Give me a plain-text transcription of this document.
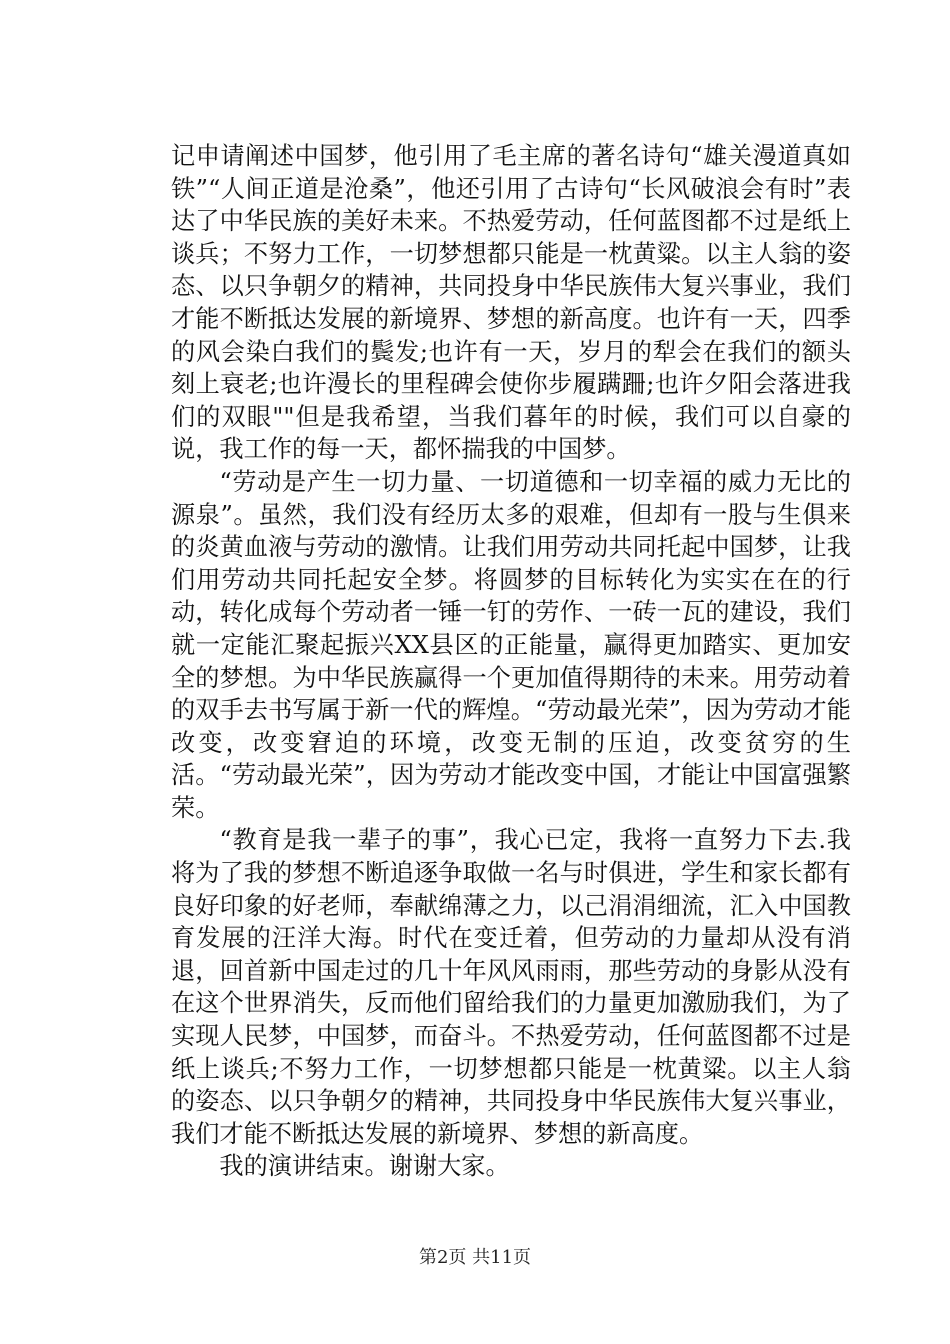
记申请阐述中国梦，他引用了毛主席的著名诗句“雄关漫道真如铁”“人间正道是沧桑”，他还引用了古诗句“长风破浪会有时”表达了中华民族的美好未来。不热爱劳动，任何蓝图都不过是纸上谈兵；不努力工作，一切梦想都只能是一枕黄粱。以主人翁的姿态、以只争朝夕的精神，共同投身中华民族伟大复兴事业，我们才能不断抵达发展的新境界、梦想的新高度。也许有一天，四季的风会染白我们的鬓发;也许有一天，岁月的犁会在我们的额头刻上衰老;也许漫长的里程碑会使你步履蹒跚;也许夕阳会落进我们的双眼""但是我希望，当我们暮年的时候，我们可以自豪的说，我工作的每一天，都怀揣我的中国梦。

“劳动是产生一切力量、一切道德和一切幸福的威力无比的源泉”。虽然，我们没有经历太多的艰难，但却有一股与生俱来的炎黄血液与劳动的激情。让我们用劳动共同托起中国梦，让我们用劳动共同托起安全梦。将圆梦的目标转化为实实在在的行动，转化成每个劳动者一锤一钉的劳作、一砖一瓦的建设，我们就一定能汇聚起振兴XX县区的正能量，赢得更加踏实、更加安全的梦想。为中华民族赢得一个更加值得期待的未来。用劳动着的双手去书写属于新一代的辉煌。“劳动最光荣”，因为劳动才能改变，改变窘迫的环境，改变无制的压迫，改变贫穷的生活。“劳动最光荣”，因为劳动才能改变中国，才能让中国富强繁荣。

“教育是我一辈子的事”，我心已定，我将一直努力下去.我将为了我的梦想不断追逐争取做一名与时俱进，学生和家长都有良好印象的好老师，奉献绵薄之力，以己涓涓细流，汇入中国教育发展的汪洋大海。时代在变迁着，但劳动的力量却从没有消退，回首新中国走过的几十年风风雨雨，那些劳动的身影从没有在这个世界消失，反而他们留给我们的力量更加激励我们，为了实现人民梦，中国梦，而奋斗。不热爱劳动，任何蓝图都不过是纸上谈兵;不努力工作，一切梦想都只能是一枕黄粱。以主人翁的姿态、以只争朝夕的精神，共同投身中华民族伟大复兴事业，我们才能不断抵达发展的新境界、梦想的新高度。

我的演讲结束。谢谢大家。

第2页 共11页
